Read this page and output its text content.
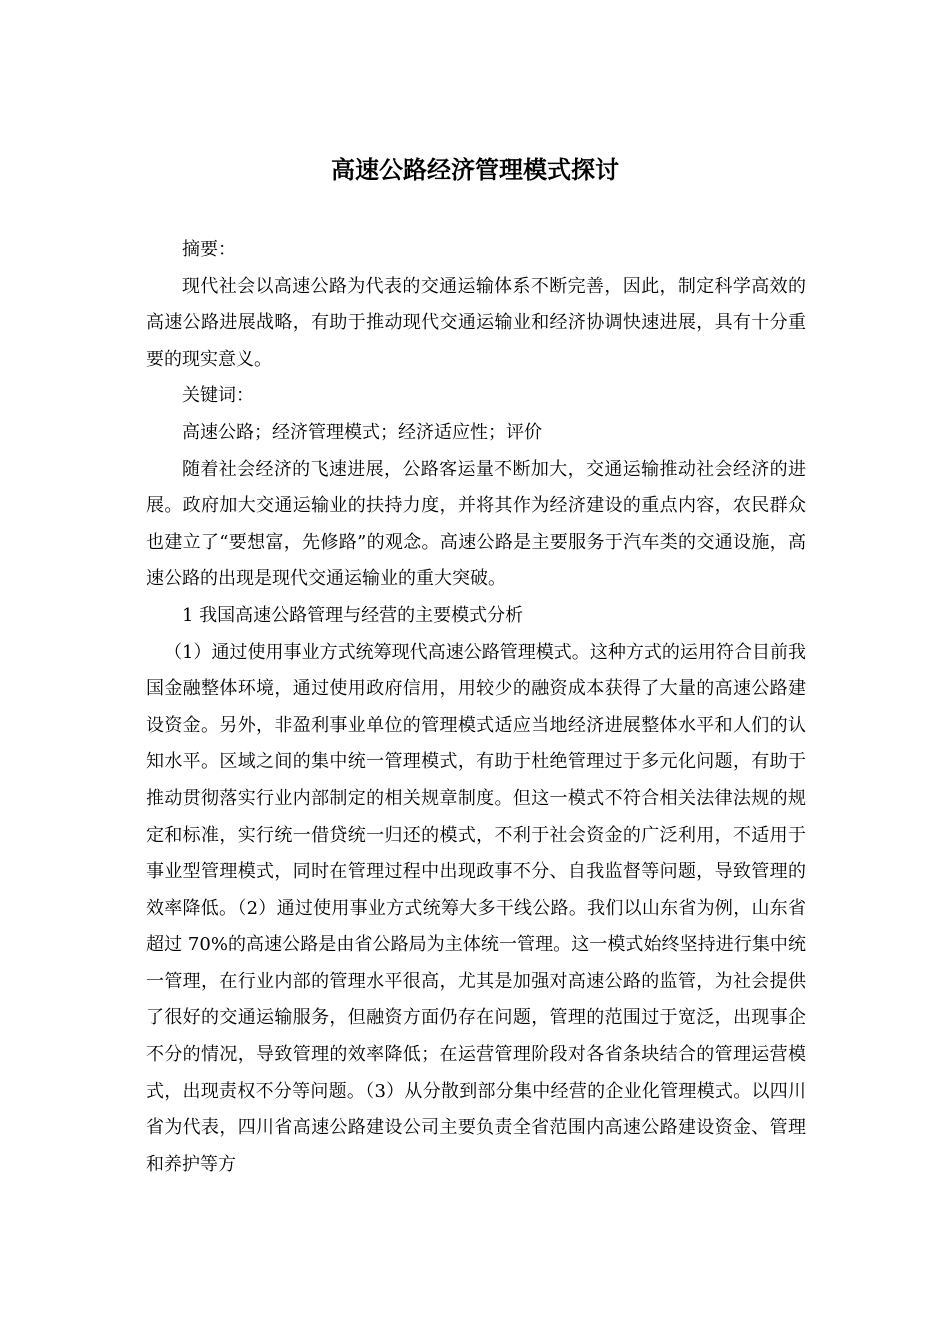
高速公路经济管理模式探讨

摘要：

现代社会以高速公路为代表的交通运输体系不断完善，因此，制定科学高效的高速公路进展战略，有助于推动现代交通运输业和经济协调快速进展，具有十分重要的现实意义。

关键词：

高速公路；经济管理模式；经济适应性；评价

随着社会经济的飞速进展，公路客运量不断加大，交通运输推动社会经济的进展。政府加大交通运输业的扶持力度，并将其作为经济建设的重点内容，农民群众也建立了“要想富，先修路”的观念。高速公路是主要服务于汽车类的交通设施，高速公路的出现是现代交通运输业的重大突破。

1 我国高速公路管理与经营的主要模式分析

（1）通过使用事业方式统筹现代高速公路管理模式。这种方式的运用符合目前我国金融整体环境，通过使用政府信用，用较少的融资成本获得了大量的高速公路建设资金。另外，非盈利事业单位的管理模式适应当地经济进展整体水平和人们的认知水平。区域之间的集中统一管理模式，有助于杜绝管理过于多元化问题，有助于推动贯彻落实行业内部制定的相关规章制度。但这一模式不符合相关法律法规的规定和标准，实行统一借贷统一归还的模式，不利于社会资金的广泛利用，不适用于事业型管理模式，同时在管理过程中出现政事不分、自我监督等问题，导致管理的效率降低。（2）通过使用事业方式统筹大多干线公路。我们以山东省为例，山东省超过 70%的高速公路是由省公路局为主体统一管理。这一模式始终坚持进行集中统一管理，在行业内部的管理水平很高，尤其是加强对高速公路的监管，为社会提供了很好的交通运输服务，但融资方面仍存在问题，管理的范围过于宽泛，出现事企不分的情况，导致管理的效率降低；在运营管理阶段对各省条块结合的管理运营模式，出现责权不分等问题。（3）从分散到部分集中经营的企业化管理模式。以四川省为代表，四川省高速公路建设公司主要负责全省范围内高速公路建设资金、管理和养护等方
